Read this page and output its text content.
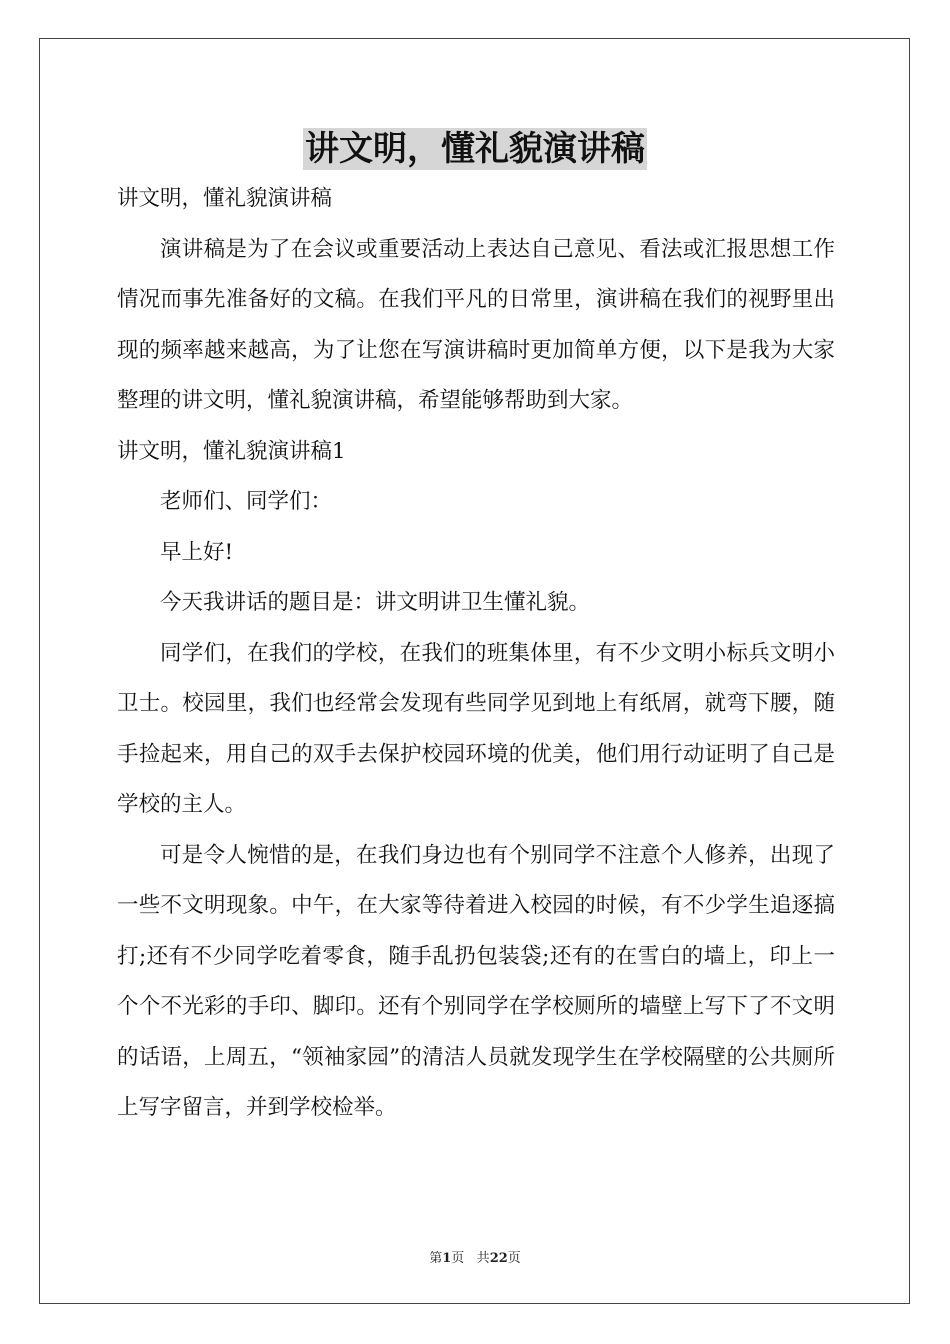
讲文明，懂礼貌演讲稿

讲文明，懂礼貌演讲稿

演讲稿是为了在会议或重要活动上表达自己意见、看法或汇报思想工作情况而事先准备好的文稿。在我们平凡的日常里，演讲稿在我们的视野里出现的频率越来越高，为了让您在写演讲稿时更加简单方便，以下是我为大家整理的讲文明，懂礼貌演讲稿，希望能够帮助到大家。

讲文明，懂礼貌演讲稿1

老师们、同学们：

早上好!

今天我讲话的题目是：讲文明讲卫生懂礼貌。

同学们，在我们的学校，在我们的班集体里，有不少文明小标兵文明小卫士。校园里，我们也经常会发现有些同学见到地上有纸屑，就弯下腰，随手捡起来，用自己的双手去保护校园环境的优美，他们用行动证明了自己是学校的主人。

可是令人惋惜的是，在我们身边也有个别同学不注意个人修养，出现了一些不文明现象。中午，在大家等待着进入校园的时候，有不少学生追逐搞打;还有不少同学吃着零食，随手乱扔包装袋;还有的在雪白的墙上，印上一个个不光彩的手印、脚印。还有个别同学在学校厕所的墙壁上写下了不文明的话语，上周五，“领袖家园”的清洁人员就发现学生在学校隔壁的公共厕所上写字留言，并到学校检举。

第1页 共22页
